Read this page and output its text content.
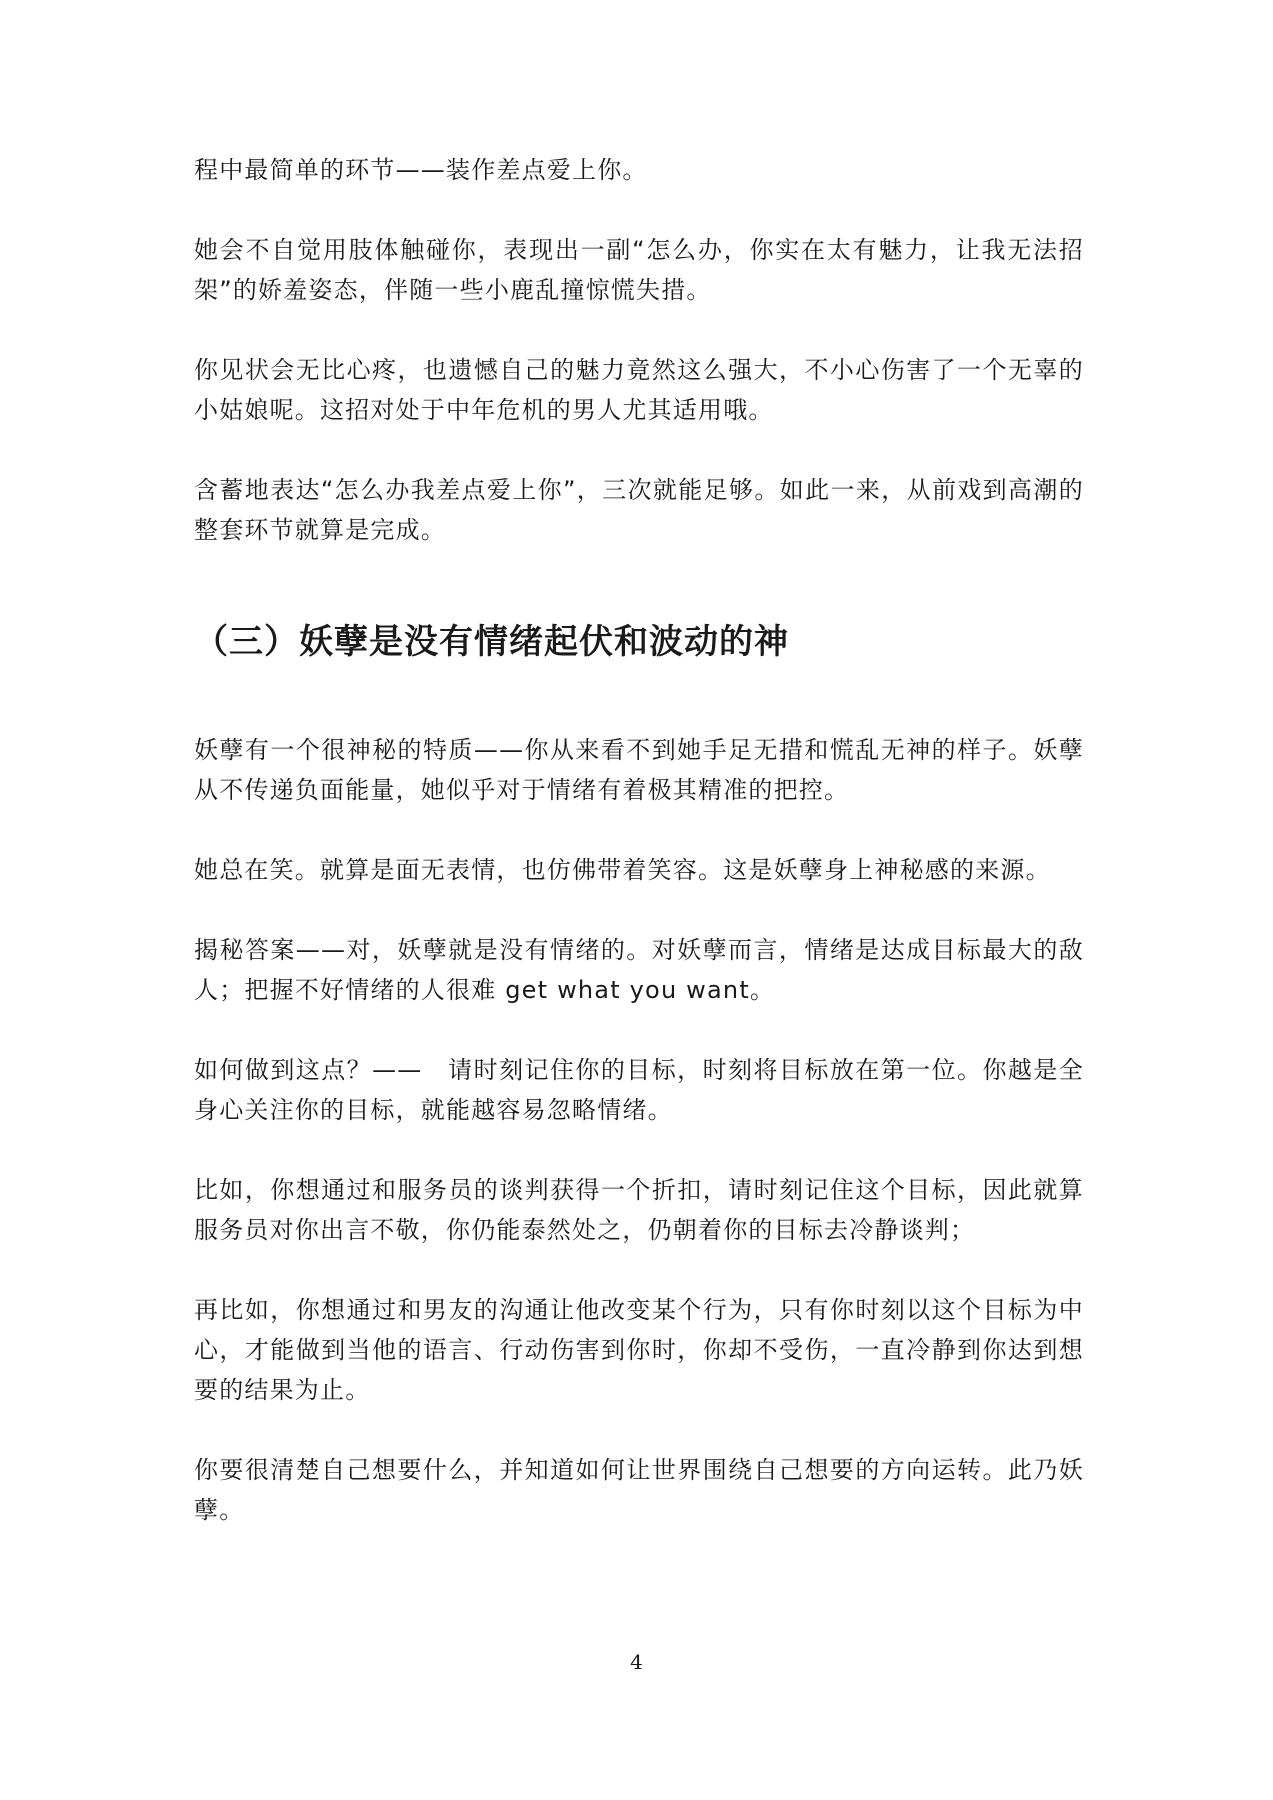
程中最简单的环节——装作差点爱上你。

她会不自觉用肢体触碰你，表现出一副“怎么办，你实在太有魅力，让我无法招架”的娇羞姿态，伴随一些小鹿乱撞惊慌失措。

你见状会无比心疼，也遗憾自己的魅力竟然这么强大，不小心伤害了一个无辜的小姑娘呢。这招对处于中年危机的男人尤其适用哦。

含蓄地表达“怎么办我差点爱上你”，三次就能足够。如此一来，从前戏到高潮的整套环节就算是完成。

（三）妖孽是没有情绪起伏和波动的神

妖孽有一个很神秘的特质——你从来看不到她手足无措和慌乱无神的样子。妖孽从不传递负面能量，她似乎对于情绪有着极其精准的把控。

她总在笑。就算是面无表情，也仿佛带着笑容。这是妖孽身上神秘感的来源。

揭秘答案——对，妖孽就是没有情绪的。对妖孽而言，情绪是达成目标最大的敌人；把握不好情绪的人很难 get what you want。

如何做到这点？——　请时刻记住你的目标，时刻将目标放在第一位。你越是全身心关注你的目标，就能越容易忽略情绪。

比如，你想通过和服务员的谈判获得一个折扣，请时刻记住这个目标，因此就算服务员对你出言不敬，你仍能泰然处之，仍朝着你的目标去冷静谈判；

再比如，你想通过和男友的沟通让他改变某个行为，只有你时刻以这个目标为中心，才能做到当他的语言、行动伤害到你时，你却不受伤，一直冷静到你达到想要的结果为止。

你要很清楚自己想要什么，并知道如何让世界围绕自己想要的方向运转。此乃妖孽。

4
